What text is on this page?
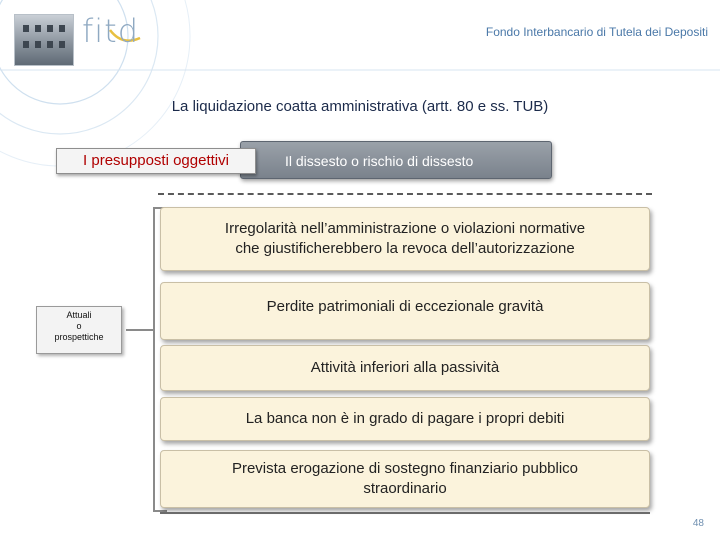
fitd	Fondo Interbancario di Tutela dei Depositi
La liquidazione coatta amministrativa (artt. 80 e ss. TUB)
Il dissesto o rischio di dissesto
I presupposti oggettivi
Attuali
o
prospettiche
Irregolarità nell’amministrazione o violazioni normative
che giustificherebbero la revoca dell’autorizzazione
Perdite patrimoniali di eccezionale gravità
Attività inferiori alla passività
La banca non è in grado di pagare i propri debiti
Prevista erogazione di sostegno finanziario pubblico
straordinario
48
